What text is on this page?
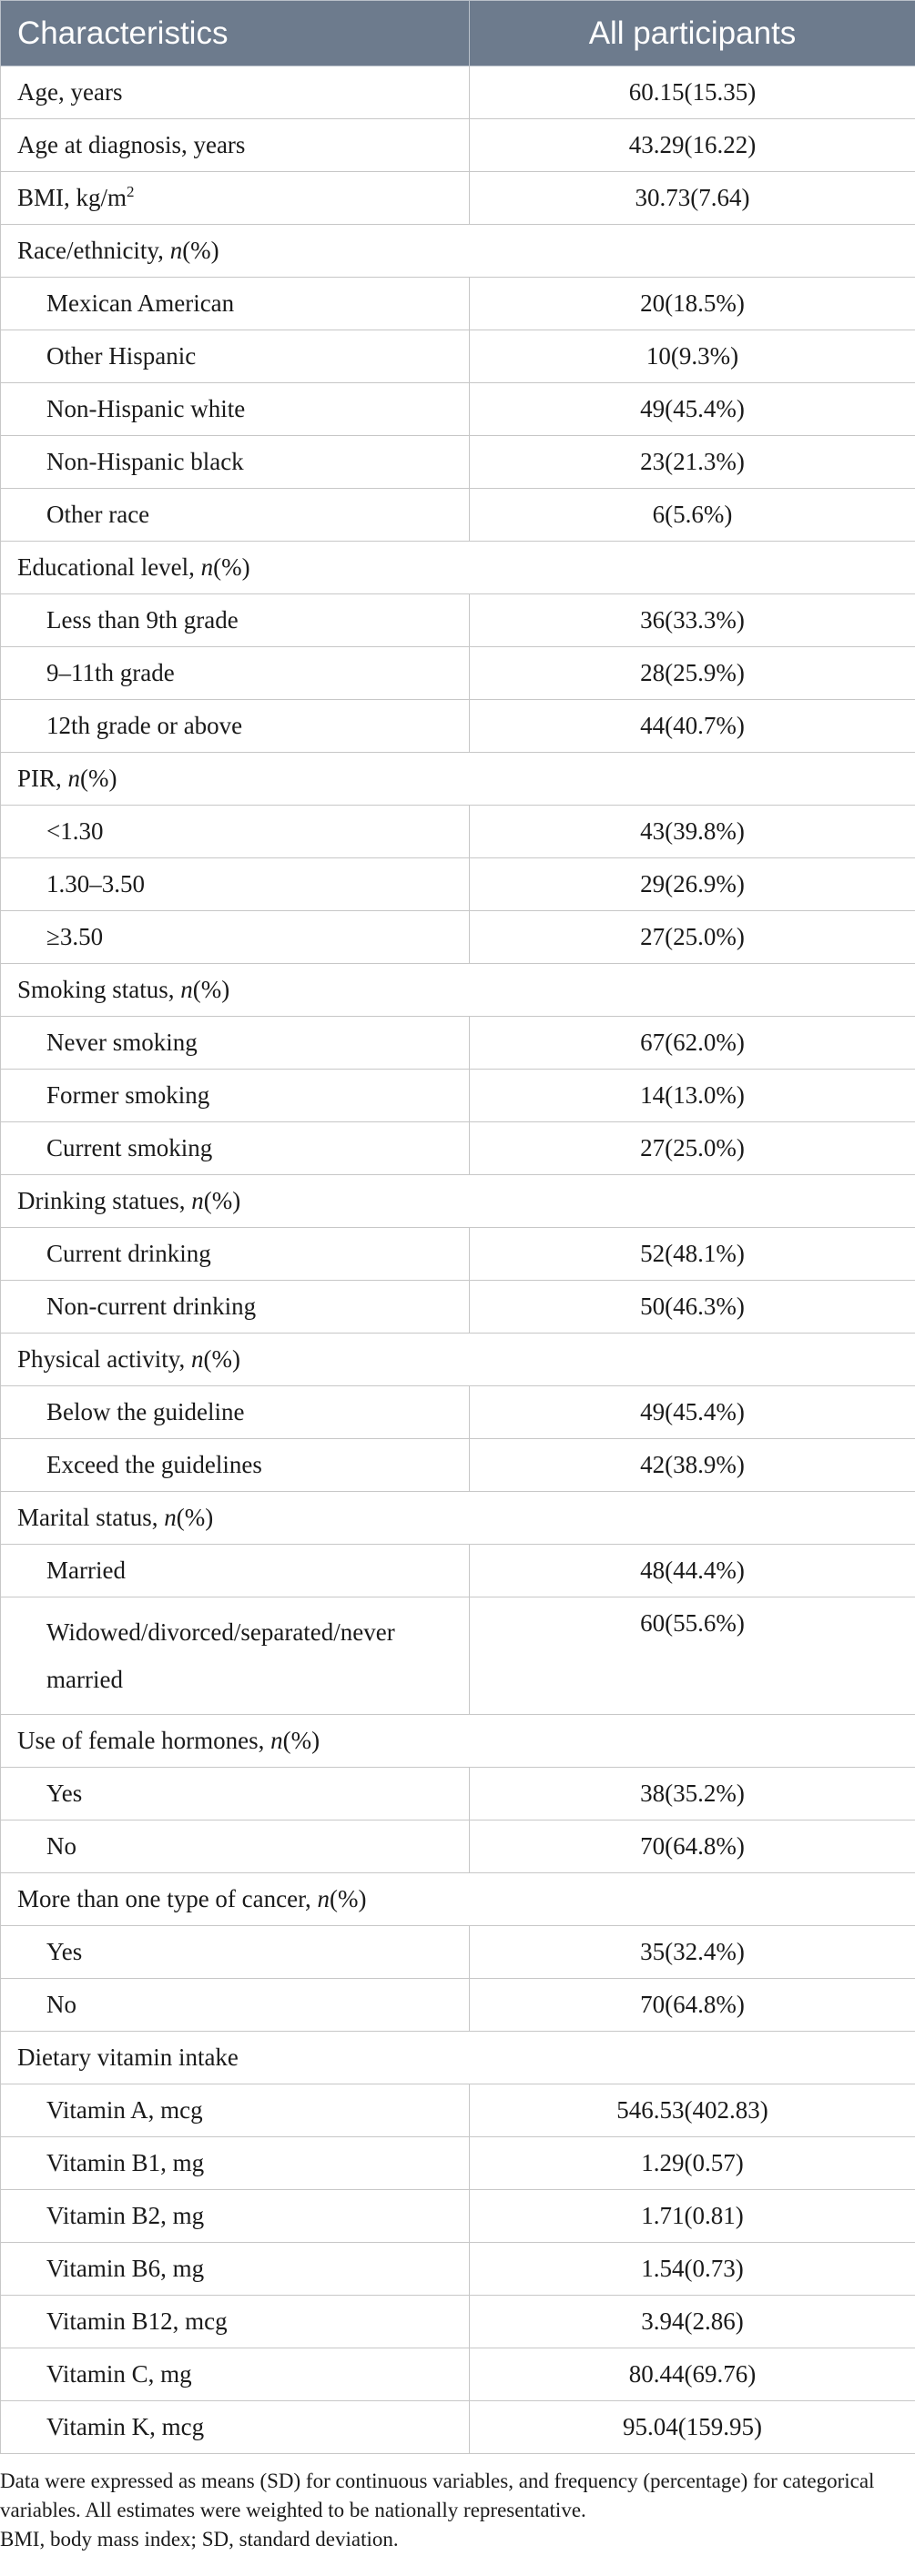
Characteristics	All participants
Age, years	60.15(15.35)
Age at diagnosis, years	43.29(16.22)
BMI, $kg/m^2$	30.73(7.64)
Race/ethnicity, n(%)	
Mexican American	20(18.5%)
Other Hispanic	10(9.3%)
Non-Hispanic white	49(45.4%)
Non-Hispanic black	23(21.3%)
Other race	6(5.6%)
Educational level, n(%)	
Less than 9th grade	36(33.3%)
9–11th grade	28(25.9%)
12th grade or above	44(40.7%)
PIR, n(%)	
<1.30	43(39.8%)
1.30–3.50	29(26.9%)
≥3.50	27(25.0%)
Smoking status, n(%)	
Never smoking	67(62.0%)
Former smoking	14(13.0%)
Current smoking	27(25.0%)
Drinking statues, n(%)	
Current drinking	52(48.1%)
Non-current drinking	50(46.3%)
Physical activity, n(%)	
Below the guideline	49(45.4%)
Exceed the guidelines	42(38.9%)
Marital status, n(%)	
Married	48(44.4%)
Widowed/divorced/separated/never
married	60(55.6%)
Use of female hormones, n(%)	
Yes	38(35.2%)
No	70(64.8%)
More than one type of cancer, n(%)	
Yes	35(32.4%)
No	70(64.8%)
Dietary vitamin intake	
Vitamin A, mcg	546.53(402.83)
Vitamin B1, mg	1.29(0.57)
Vitamin B2, mg	1.71(0.81)
Vitamin B6, mg	1.54(0.73)
Vitamin B12, mcg	3.94(2.86)
Vitamin C, mg	80.44(69.76)
Vitamin K, mcg	95.04(159.95)

Data were expressed as means (SD) for continuous variables, and frequency (percentage) for categorical variables. All estimates were weighted to be nationally representative.

BMI, body mass index; SD, standard deviation.
